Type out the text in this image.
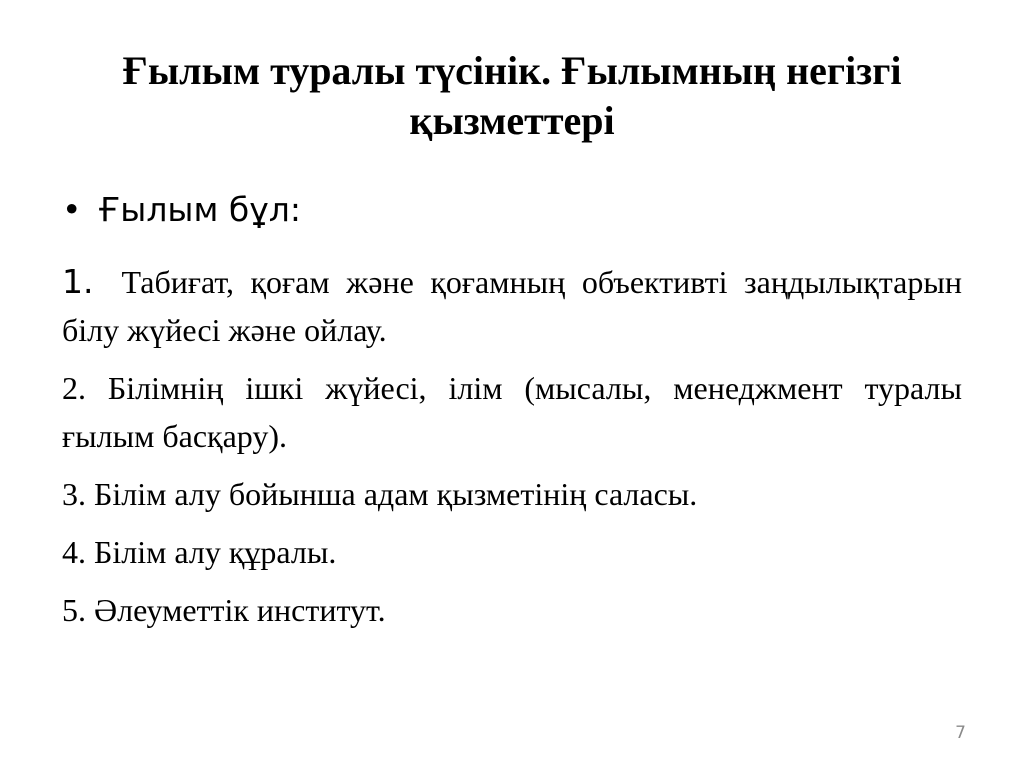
Ғылым туралы түсінік. Ғылымның негізгі
қызметтері
• Ғылым бұл:

1. Табиғат, қоғам және қоғамның объективті заңдылықтарын білу жүйесі және ойлау.

2. Білімнің ішкі жүйесі, ілім (мысалы, менеджмент туралы ғылым басқару).

3. Білім алу бойынша адам қызметінің саласы.

4. Білім алу құралы.

5. Әлеуметтік институт.

7
